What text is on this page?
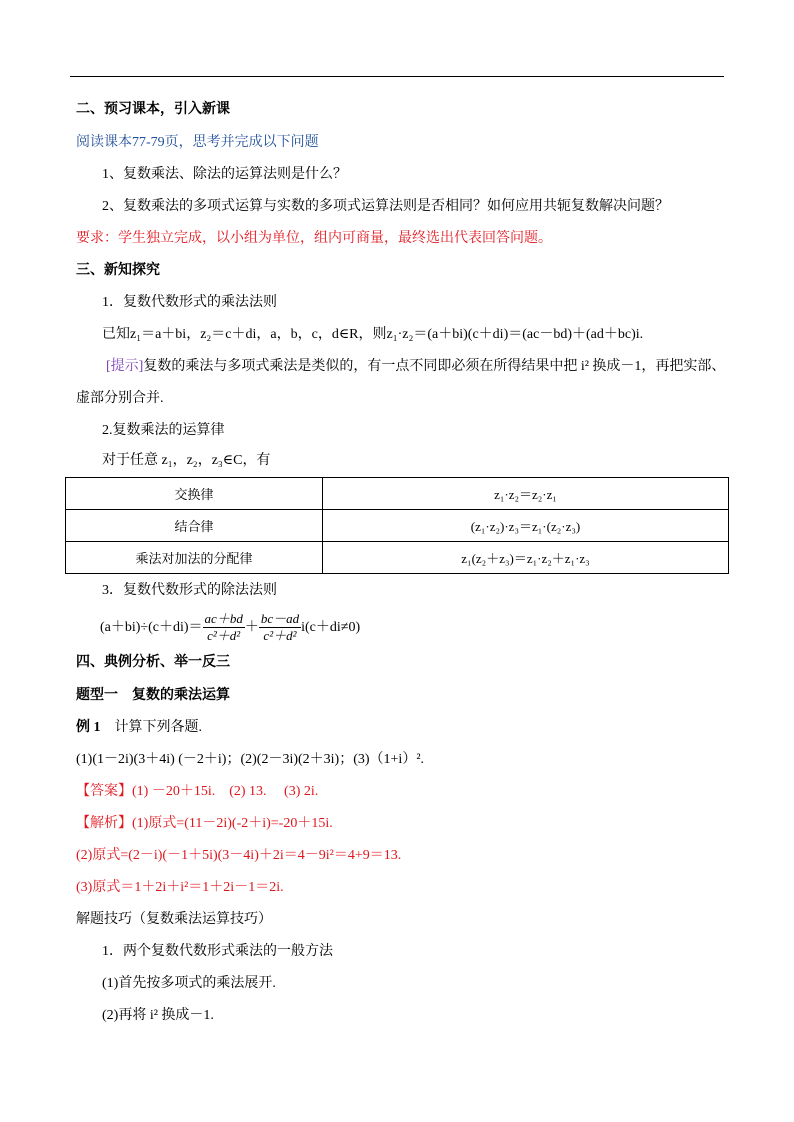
二、预习课本，引入新课
阅读课本77-79页，思考并完成以下问题
1、复数乘法、除法的运算法则是什么？
2、复数乘法的多项式运算与实数的多项式运算法则是否相同？如何应用共轭复数解决问题？
要求：学生独立完成，以小组为单位，组内可商量，最终选出代表回答问题。
三、新知探究
1．复数代数形式的乘法法则
已知z₁＝a＋bi，z₂＝c＋di，a，b，c，d∈R，则z₁·z₂＝(a＋bi)(c＋di)＝(ac－bd)＋(ad＋bc)i.
[提示]复数的乘法与多项式乘法是类似的，有一点不同即必须在所得结果中把 i² 换成－1，再把实部、
虚部分别合并.
2.复数乘法的运算律
对于任意 z₁，z₂，z₃∈C，有
交换律	z₁·z₂＝z₂·z₁
结合律	(z₁·z₂)·z₃＝z₁·(z₂·z₃)
乘法对加法的分配律	z₁(z₂＋z₃)＝z₁·z₂＋z₁·z₃
3．复数代数形式的除法法则
$(a+bi)\div(c+di)= \frac{ac+bd}{\text{c²＋d²}} + \frac{bc-ad}{\text{c²＋d²}} i(c+di\ne 0)$
四、典例分析、举一反三
题型一　复数的乘法运算
例 1　计算下列各题.
(1)(1－2i)(3＋4i) (－2＋i)；(2)(2－3i)(2＋3i)；(3)（1+i）².
【答案】(1) －20＋15i.　(2) 13.　 (3) 2i.
【解析】(1)原式=(11－2i)(-2＋i)=-20＋15i.
(2)原式=(2－i)(－1＋5i)(3－4i)＋2i＝4－9i²＝4+9＝13.
(3)原式＝1＋2i＋i²＝1＋2i－1＝2i.
解题技巧（复数乘法运算技巧）
1．两个复数代数形式乘法的一般方法
(1)首先按多项式的乘法展开.
(2)再将 i² 换成－1.
